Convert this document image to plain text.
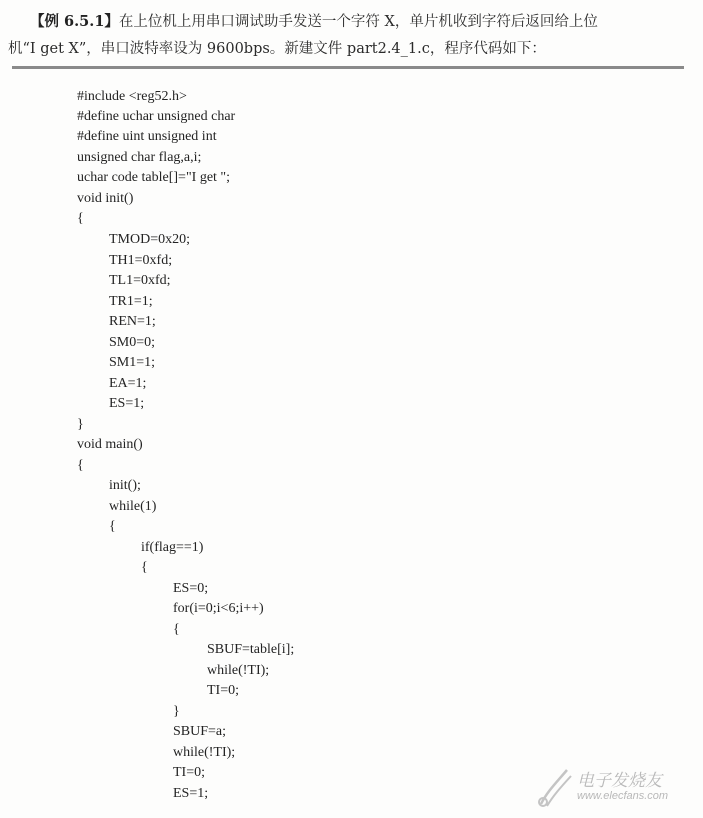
【例 6.5.1】在上位机上用串口调试助手发送一个字符 X，单片机收到字符后返回给上位
机“I get X”，串口波特率设为 9600bps。新建文件 part2.4_1.c，程序代码如下：
#include <reg52.h>
#define uchar unsigned char
#define uint unsigned int
unsigned char flag,a,i;
uchar code table[]="I get ";
void init()
{
TMOD=0x20;
TH1=0xfd;
TL1=0xfd;
TR1=1;
REN=1;
SM0=0;
SM1=1;
EA=1;
ES=1;
}
void main()
{
init();
while(1)
{
if(flag==1)
{
ES=0;
for(i=0;i<6;i++)
{
SBUF=table[i];
while(!TI);
TI=0;
}
SBUF=a;
while(!TI);
TI=0;
ES=1;
电子发烧友
www.elecfans.com
